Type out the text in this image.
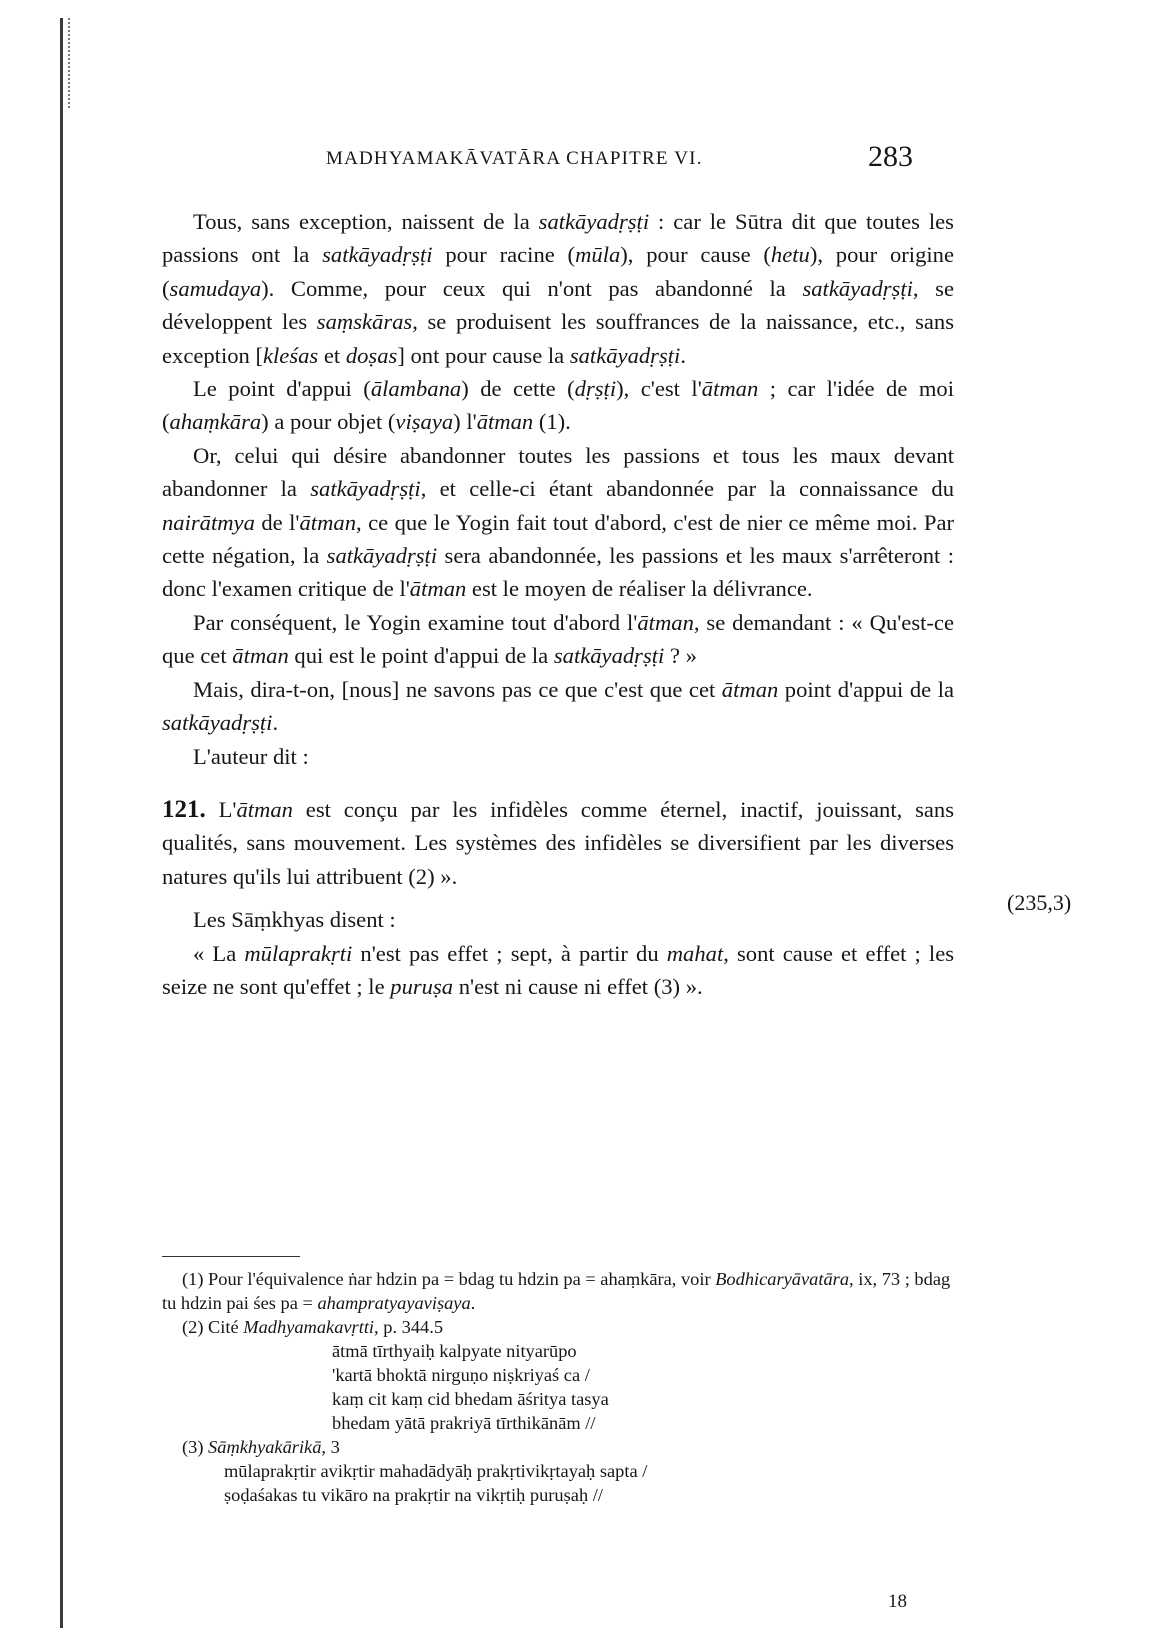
MADHYAMAKĀVATĀRA CHAPITRE VI.	283

Tous, sans exception, naissent de la satkāyadṛṣṭi : car le Sūtra dit que toutes les passions ont la satkāyadṛṣṭi pour racine (mūla), pour cause (hetu), pour origine (samudaya). Comme, pour ceux qui n'ont pas abandonné la satkāyadṛṣṭi, se développent les saṃskāras, se produisent les souffrances de la naissance, etc., sans exception [kleśas et doṣas] ont pour cause la satkāyadṛṣṭi.

Le point d'appui (ālambana) de cette (dṛṣṭi), c'est l'ātman ; car l'idée de moi (ahaṃkāra) a pour objet (viṣaya) l'ātman (1).

Or, celui qui désire abandonner toutes les passions et tous les maux devant abandonner la satkāyadṛṣṭi, et celle-ci étant abandonnée par la connaissance du nairātmya de l'ātman, ce que le Yogin fait tout d'abord, c'est de nier ce même moi. Par cette négation, la satkāyadṛṣṭi sera abandonnée, les passions et les maux s'arrêteront : donc l'examen critique de l'ātman est le moyen de réaliser la délivrance.

Par conséquent, le Yogin examine tout d'abord l'ātman, se demandant : « Qu'est-ce que cet ātman qui est le point d'appui de la satkāyadṛṣṭi ? »

Mais, dira-t-on, [nous] ne savons pas ce que c'est que cet ātman point d'appui de la satkāyadṛṣṭi.

L'auteur dit :

121. L'ātman est conçu par les infidèles comme éternel, inactif, jouissant, sans qualités, sans mouvement. Les systèmes des infidèles se diversifient par les diverses natures qu'ils lui attribuent (2) ».

Les Sāṃkhyas disent :

« La mūlaprakṛti n'est pas effet ; sept, à partir du mahat, sont cause et effet ; les seize ne sont qu'effet ; le puruṣa n'est ni cause ni effet (3) ».

(235,3)

(1) Pour l'équivalence ṅar hdzin pa = bdag tu hdzin pa = ahaṃkāra, voir Bodhicaryāvatāra, ix, 73 ; bdag tu hdzin pai śes pa = ahampratyayaviṣaya.

(2) Cité Madhyamakavṛtti, p. 344.5

ātmā tīrthyaiḥ kalpyate nityarūpo
'kartā bhoktā nirguṇo niṣkriyaś ca /
kaṃ cit kaṃ cid bhedam āśritya tasya
bhedam yātā prakriyā tīrthikānām //

(3) Sāṃkhyakārikā, 3

mūlaprakṛtir avikṛtir mahadādyāḥ prakṛtivikṛtayaḥ sapta /
ṣoḍaśakas tu vikāro na prakṛtir na vikṛtiḥ puruṣaḥ //
18
